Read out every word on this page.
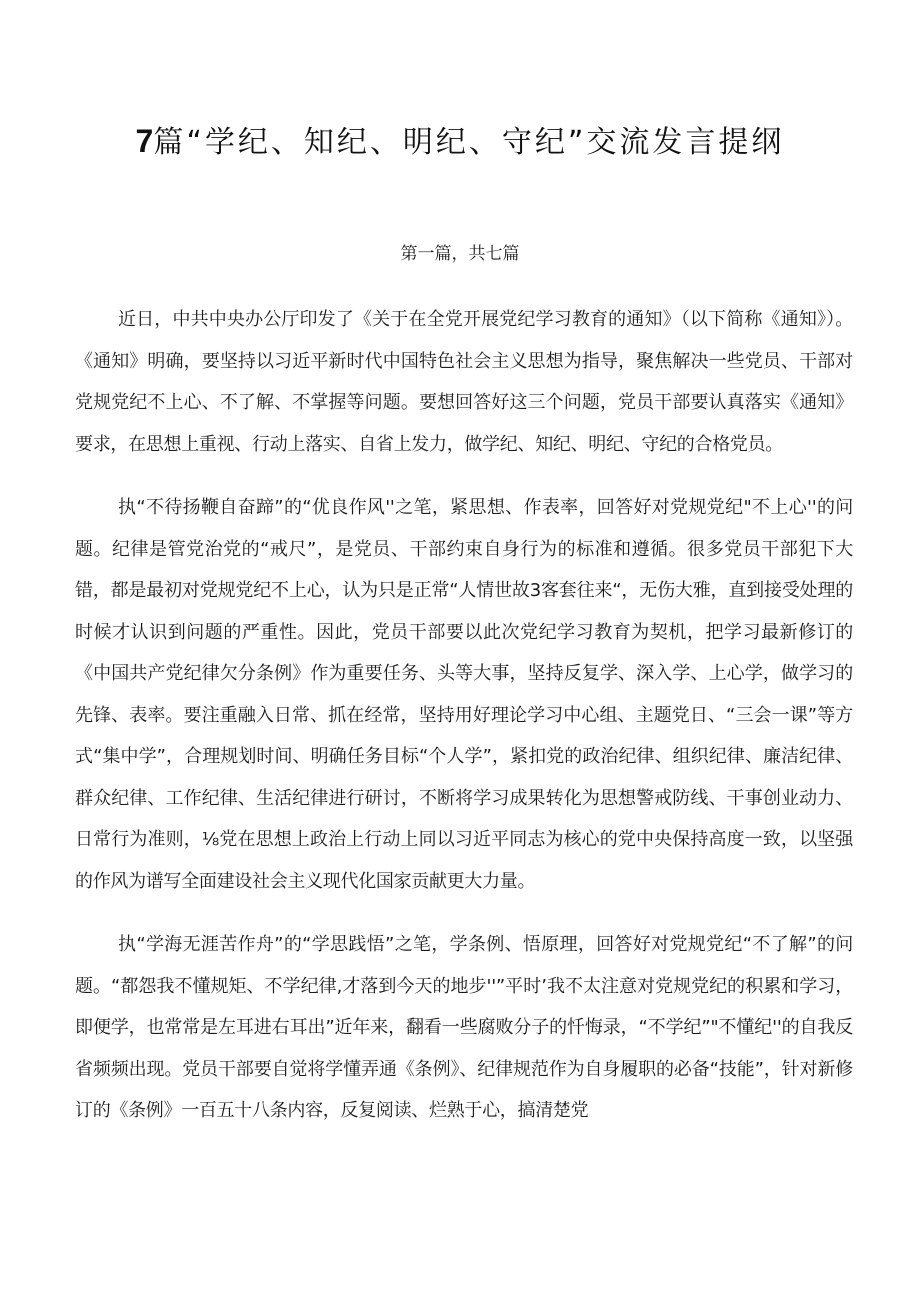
7篇“学纪、知纪、明纪、守纪”交流发言提纲

第一篇，共七篇

近日，中共中央办公厅印发了《关于在全党开展党纪学习教育的通知》（以下简称《通知》）。《通知》明确，要坚持以习近平新时代中国特色社会主义思想为指导，聚焦解决一些党员、干部对党规党纪不上心、不了解、不掌握等问题。要想回答好这三个问题，党员干部要认真落实《通知》要求，在思想上重视、行动上落实、自省上发力，做学纪、知纪、明纪、守纪的合格党员。

执“不待扬鞭自奋蹄”的“优良作风''之笔，紧思想、作表率，回答好对党规党纪"不上心''的问题。纪律是管党治党的“戒尺”，是党员、干部约束自身行为的标准和遵循。很多党员干部犯下大错，都是最初对党规党纪不上心，认为只是正常“人情世故3客套往来“，无伤大雅，直到接受处理的时候才认识到问题的严重性。因此，党员干部要以此次党纪学习教育为契机，把学习最新修订的《中国共产党纪律欠分条例》作为重要任务、头等大事，坚持反复学、深入学、上心学，做学习的先锋、表率。要注重融入日常、抓在经常，坚持用好理论学习中心组、主题党日、“三会一课”等方式“集中学”，合理规划时间、明确任务目标“个人学”，紧扣党的政治纪律、组织纪律、廉洁纪律、群众纪律、工作纪律、生活纪律进行研讨，不断将学习成果转化为思想警戒防线、干事创业动力、日常行为准则，⅛党在思想上政治上行动上同以习近平同志为核心的党中央保持高度一致，以坚强的作风为谱写全面建设社会主义现代化国家贡献更大力量。

执“学海无涯苦作舟”的“学思践悟”之笔，学条例、悟原理，回答好对党规党纪“不了解”的问题。“都怨我不懂规矩、不学纪律,才落到今天的地步''”平时’我不太注意对党规党纪的积累和学习，即便学，也常常是左耳进右耳出”近年来，翻看一些腐败分子的忏悔录，“不学纪”"不懂纪''的自我反省频频出现。党员干部要自觉将学懂弄通《条例》、纪律规范作为自身履职的必备“技能”，针对新修订的《条例》一百五十八条内容，反复阅读、烂熟于心，搞清楚党
